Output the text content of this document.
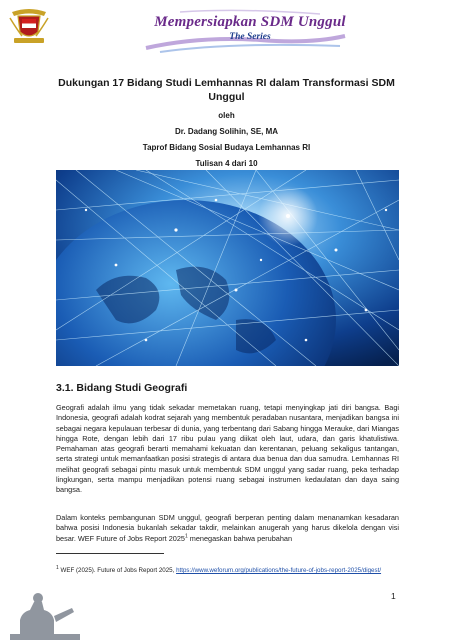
Mempersiapkan SDM Unggul
The Series
Dukungan 17 Bidang Studi Lemhannas RI dalam Transformasi SDM Unggul
oleh
Dr. Dadang Solihin, SE, MA
Taprof Bidang Sosial Budaya Lemhannas RI
Tulisan 4 dari 10
3.1. Bidang Studi Geografi

Geografi adalah ilmu yang tidak sekadar memetakan ruang, tetapi menyingkap jati diri bangsa. Bagi Indonesia, geografi adalah kodrat sejarah yang membentuk peradaban nusantara, menjadikan bangsa ini sebagai negara kepulauan terbesar di dunia, yang terbentang dari Sabang hingga Merauke, dari Miangas hingga Rote, dengan lebih dari 17 ribu pulau yang diikat oleh laut, udara, dan garis khatulistiwa. Pemahaman atas geografi berarti memahami kekuatan dan kerentanan, peluang sekaligus tantangan, serta strategi untuk memanfaatkan posisi strategis di antara dua benua dan dua samudra. Lemhannas RI melihat geografi sebagai pintu masuk untuk membentuk SDM unggul yang sadar ruang, peka terhadap lingkungan, serta mampu menjadikan potensi ruang sebagai instrumen kedaulatan dan daya saing bangsa.

Dalam konteks pembangunan SDM unggul, geografi berperan penting dalam menanamkan kesadaran bahwa posisi Indonesia bukanlah sekadar takdir, melainkan anugerah yang harus dikelola dengan visi besar. WEF Future of Jobs Report 2025$^1$ menegaskan bahwa perubahan

$^1$ WEF (2025). Future of Jobs Report 2025, https://www.weforum.org/publications/the-future-of-jobs-report-2025/digest/
1
